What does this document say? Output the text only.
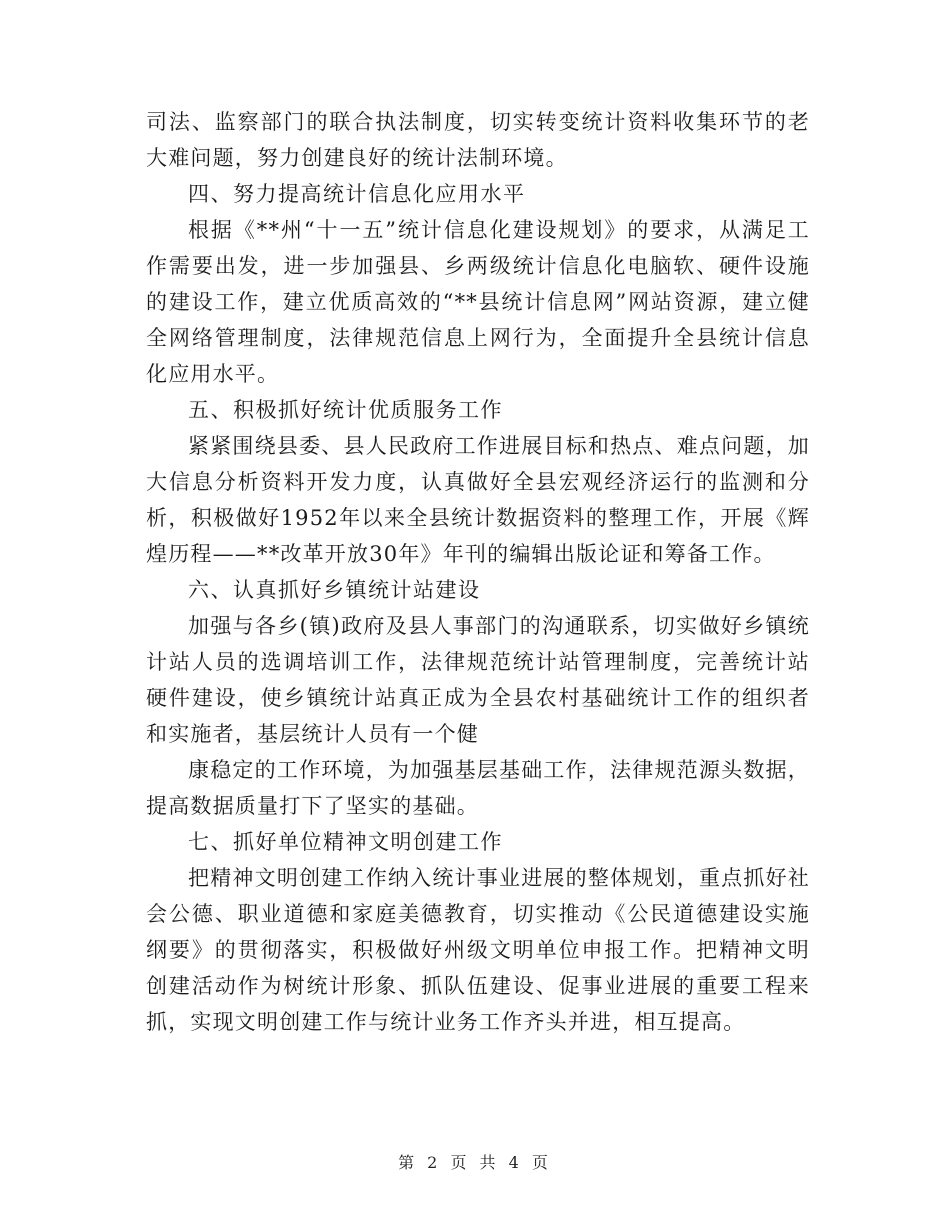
司法、监察部门的联合执法制度，切实转变统计资料收集环节的老大难问题，努力创建良好的统计法制环境。

四、努力提高统计信息化应用水平

根据《**州“十一五”统计信息化建设规划》的要求，从满足工作需要出发，进一步加强县、乡两级统计信息化电脑软、硬件设施的建设工作，建立优质高效的“**县统计信息网”网站资源，建立健全网络管理制度，法律规范信息上网行为，全面提升全县统计信息化应用水平。

五、积极抓好统计优质服务工作

紧紧围绕县委、县人民政府工作进展目标和热点、难点问题，加大信息分析资料开发力度，认真做好全县宏观经济运行的监测和分析，积极做好1952年以来全县统计数据资料的整理工作，开展《辉煌历程——**改革开放30年》年刊的编辑出版论证和筹备工作。

六、认真抓好乡镇统计站建设

加强与各乡(镇)政府及县人事部门的沟通联系，切实做好乡镇统计站人员的选调培训工作，法律规范统计站管理制度，完善统计站硬件建设，使乡镇统计站真正成为全县农村基础统计工作的组织者和实施者，基层统计人员有一个健

康稳定的工作环境，为加强基层基础工作，法律规范源头数据，提高数据质量打下了坚实的基础。

七、抓好单位精神文明创建工作

把精神文明创建工作纳入统计事业进展的整体规划，重点抓好社会公德、职业道德和家庭美德教育，切实推动《公民道德建设实施纲要》的贯彻落实，积极做好州级文明单位申报工作。把精神文明创建活动作为树统计形象、抓队伍建设、促事业进展的重要工程来抓，实现文明创建工作与统计业务工作齐头并进，相互提高。

第 2 页 共 4 页
